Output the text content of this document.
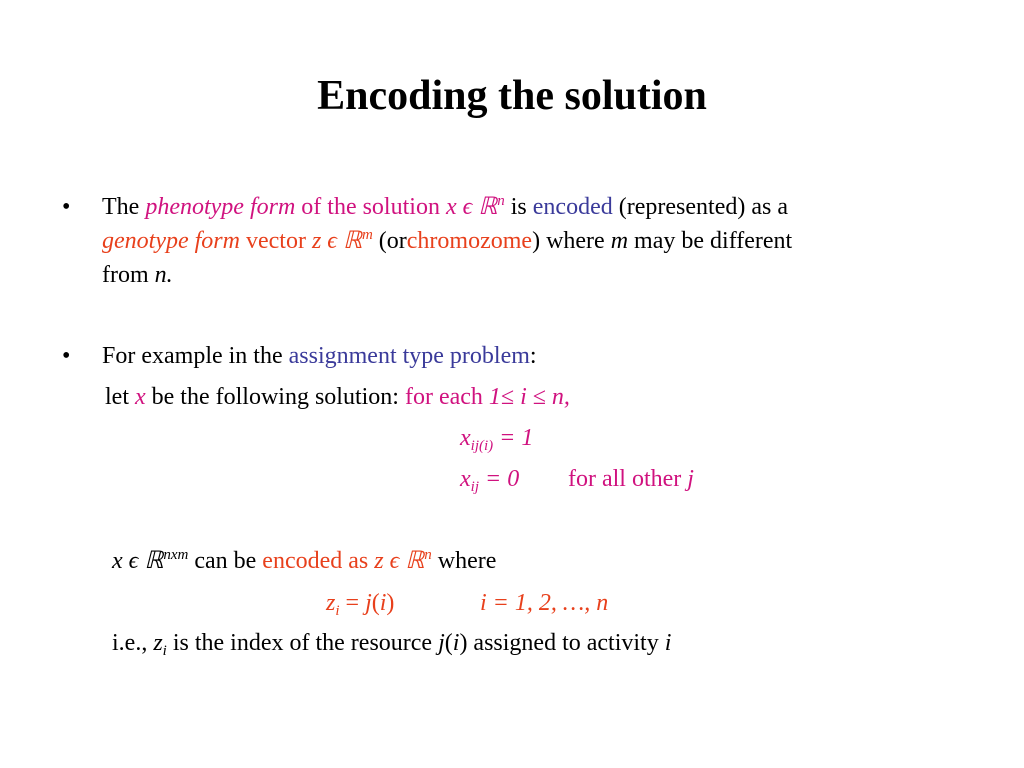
Encoding the solution
• The phenotype form of the solution x ϵ ℝ$^n$ is encoded (represented) as a
genotype form vector z ϵ ℝ$^m$ (orchromozome) where m may be different
from n.
• For example in the assignment type problem:
let x be the following solution: for each 1≤ i ≤ n,
$x_{ij(i)} = 1$
$x_{ij} = 0$ for all other j
x ϵ ℝ$^{nxm}$ can be encoded as z ϵ ℝ$^n$ where
$z_i = j(i)$	i = 1, 2, …, n
i.e., $z_i$ is the index of the resource j(i) assigned to activity i
